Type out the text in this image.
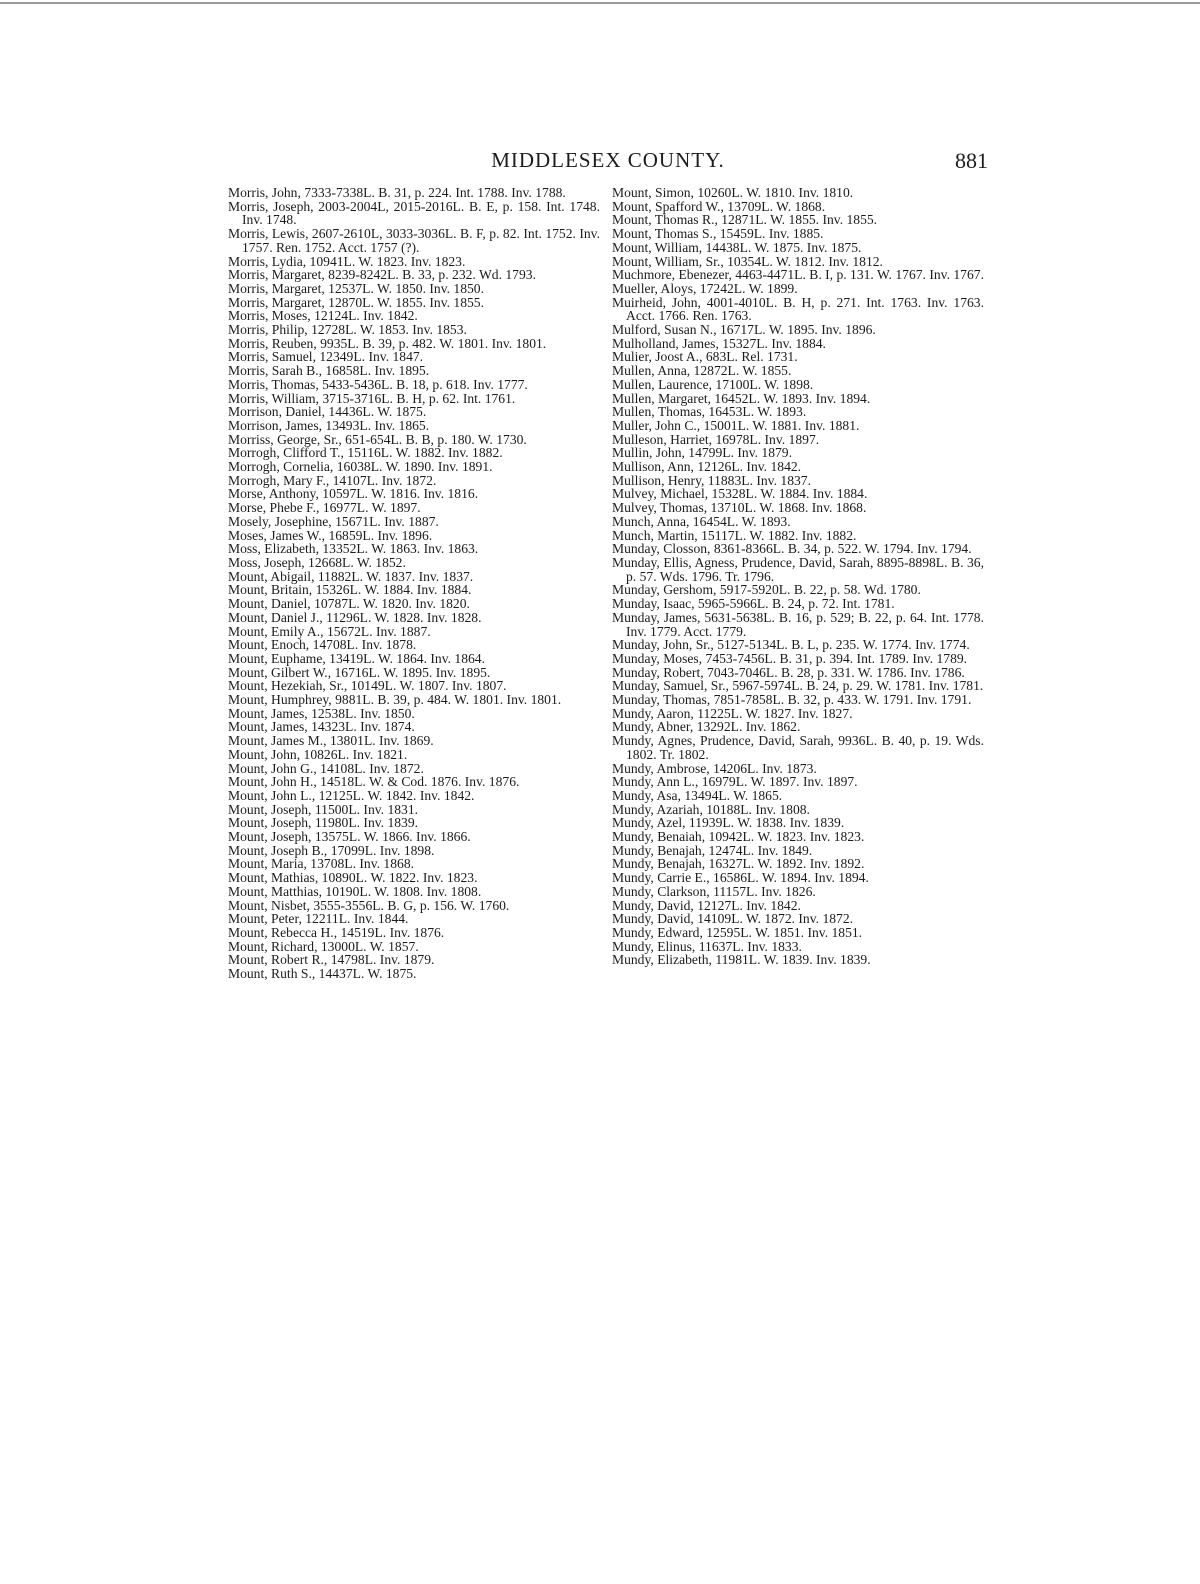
MIDDLESEX COUNTY.	881
Morris, John, 7333-7338L. B. 31, p. 224. Int. 1788. Inv. 1788.
Morris, Joseph, 2003-2004L, 2015-2016L. B. E, p. 158. Int. 1748. Inv. 1748.
Morris, Lewis, 2607-2610L, 3033-3036L. B. F, p. 82. Int. 1752. Inv. 1757. Ren. 1752. Acct. 1757 (?).
Morris, Lydia, 10941L. W. 1823. Inv. 1823.
Morris, Margaret, 8239-8242L. B. 33, p. 232. Wd. 1793.
Morris, Margaret, 12537L. W. 1850. Inv. 1850.
Morris, Margaret, 12870L. W. 1855. Inv. 1855.
Morris, Moses, 12124L. Inv. 1842.
Morris, Philip, 12728L. W. 1853. Inv. 1853.
Morris, Reuben, 9935L. B. 39, p. 482. W. 1801. Inv. 1801.
Morris, Samuel, 12349L. Inv. 1847.
Morris, Sarah B., 16858L. Inv. 1895.
Morris, Thomas, 5433-5436L. B. 18, p. 618. Inv. 1777.
Morris, William, 3715-3716L. B. H, p. 62. Int. 1761.
Morrison, Daniel, 14436L. W. 1875.
Morrison, James, 13493L. Inv. 1865.
Morriss, George, Sr., 651-654L. B. B, p. 180. W. 1730.
Morrogh, Clifford T., 15116L. W. 1882. Inv. 1882.
Morrogh, Cornelia, 16038L. W. 1890. Inv. 1891.
Morrogh, Mary F., 14107L. Inv. 1872.
Morse, Anthony, 10597L. W. 1816. Inv. 1816.
Morse, Phebe F., 16977L. W. 1897.
Mosely, Josephine, 15671L. Inv. 1887.
Moses, James W., 16859L. Inv. 1896.
Moss, Elizabeth, 13352L. W. 1863. Inv. 1863.
Moss, Joseph, 12668L. W. 1852.
Mount, Abigail, 11882L. W. 1837. Inv. 1837.
Mount, Britain, 15326L. W. 1884. Inv. 1884.
Mount, Daniel, 10787L. W. 1820. Inv. 1820.
Mount, Daniel J., 11296L. W. 1828. Inv. 1828.
Mount, Emily A., 15672L. Inv. 1887.
Mount, Enoch, 14708L. Inv. 1878.
Mount, Euphame, 13419L. W. 1864. Inv. 1864.
Mount, Gilbert W., 16716L. W. 1895. Inv. 1895.
Mount, Hezekiah, Sr., 10149L. W. 1807. Inv. 1807.
Mount, Humphrey, 9881L. B. 39, p. 484. W. 1801. Inv. 1801.
Mount, James, 12538L. Inv. 1850.
Mount, James, 14323L. Inv. 1874.
Mount, James M., 13801L. Inv. 1869.
Mount, John, 10826L. Inv. 1821.
Mount, John G., 14108L. Inv. 1872.
Mount, John H., 14518L. W. & Cod. 1876. Inv. 1876.
Mount, John L., 12125L. W. 1842. Inv. 1842.
Mount, Joseph, 11500L. Inv. 1831.
Mount, Joseph, 11980L. Inv. 1839.
Mount, Joseph, 13575L. W. 1866. Inv. 1866.
Mount, Joseph B., 17099L. Inv. 1898.
Mount, Maria, 13708L. Inv. 1868.
Mount, Mathias, 10890L. W. 1822. Inv. 1823.
Mount, Matthias, 10190L. W. 1808. Inv. 1808.
Mount, Nisbet, 3555-3556L. B. G, p. 156. W. 1760.
Mount, Peter, 12211L. Inv. 1844.
Mount, Rebecca H., 14519L. Inv. 1876.
Mount, Richard, 13000L. W. 1857.
Mount, Robert R., 14798L. Inv. 1879.
Mount, Ruth S., 14437L. W. 1875.
Mount, Simon, 10260L. W. 1810. Inv. 1810.
Mount, Spafford W., 13709L. W. 1868.
Mount, Thomas R., 12871L. W. 1855. Inv. 1855.
Mount, Thomas S., 15459L. Inv. 1885.
Mount, William, 14438L. W. 1875. Inv. 1875.
Mount, William, Sr., 10354L. W. 1812. Inv. 1812.
Muchmore, Ebenezer, 4463-4471L. B. I, p. 131. W. 1767. Inv. 1767.
Mueller, Aloys, 17242L. W. 1899.
Muirheid, John, 4001-4010L. B. H, p. 271. Int. 1763. Inv. 1763. Acct. 1766. Ren. 1763.
Mulford, Susan N., 16717L. W. 1895. Inv. 1896.
Mulholland, James, 15327L. Inv. 1884.
Mulier, Joost A., 683L. Rel. 1731.
Mullen, Anna, 12872L. W. 1855.
Mullen, Laurence, 17100L. W. 1898.
Mullen, Margaret, 16452L. W. 1893. Inv. 1894.
Mullen, Thomas, 16453L. W. 1893.
Muller, John C., 15001L. W. 1881. Inv. 1881.
Mulleson, Harriet, 16978L. Inv. 1897.
Mullin, John, 14799L. Inv. 1879.
Mullison, Ann, 12126L. Inv. 1842.
Mullison, Henry, 11883L. Inv. 1837.
Mulvey, Michael, 15328L. W. 1884. Inv. 1884.
Mulvey, Thomas, 13710L. W. 1868. Inv. 1868.
Munch, Anna, 16454L. W. 1893.
Munch, Martin, 15117L. W. 1882. Inv. 1882.
Munday, Closson, 8361-8366L. B. 34, p. 522. W. 1794. Inv. 1794.
Munday, Ellis, Agness, Prudence, David, Sarah, 8895-8898L. B. 36, p. 57. Wds. 1796. Tr. 1796.
Munday, Gershom, 5917-5920L. B. 22, p. 58. Wd. 1780.
Munday, Isaac, 5965-5966L. B. 24, p. 72. Int. 1781.
Munday, James, 5631-5638L. B. 16, p. 529; B. 22, p. 64. Int. 1778. Inv. 1779. Acct. 1779.
Munday, John, Sr., 5127-5134L. B. L, p. 235. W. 1774. Inv. 1774.
Munday, Moses, 7453-7456L. B. 31, p. 394. Int. 1789. Inv. 1789.
Munday, Robert, 7043-7046L. B. 28, p. 331. W. 1786. Inv. 1786.
Munday, Samuel, Sr., 5967-5974L. B. 24, p. 29. W. 1781. Inv. 1781.
Munday, Thomas, 7851-7858L. B. 32, p. 433. W. 1791. Inv. 1791.
Mundy, Aaron, 11225L. W. 1827. Inv. 1827.
Mundy, Abner, 13292L. Inv. 1862.
Mundy, Agnes, Prudence, David, Sarah, 9936L. B. 40, p. 19. Wds. 1802. Tr. 1802.
Mundy, Ambrose, 14206L. Inv. 1873.
Mundy, Ann L., 16979L. W. 1897. Inv. 1897.
Mundy, Asa, 13494L. W. 1865.
Mundy, Azariah, 10188L. Inv. 1808.
Mundy, Azel, 11939L. W. 1838. Inv. 1839.
Mundy, Benaiah, 10942L. W. 1823. Inv. 1823.
Mundy, Benajah, 12474L. Inv. 1849.
Mundy, Benajah, 16327L. W. 1892. Inv. 1892.
Mundy, Carrie E., 16586L. W. 1894. Inv. 1894.
Mundy, Clarkson, 11157L. Inv. 1826.
Mundy, David, 12127L. Inv. 1842.
Mundy, David, 14109L. W. 1872. Inv. 1872.
Mundy, Edward, 12595L. W. 1851. Inv. 1851.
Mundy, Elinus, 11637L. Inv. 1833.
Mundy, Elizabeth, 11981L. W. 1839. Inv. 1839.
